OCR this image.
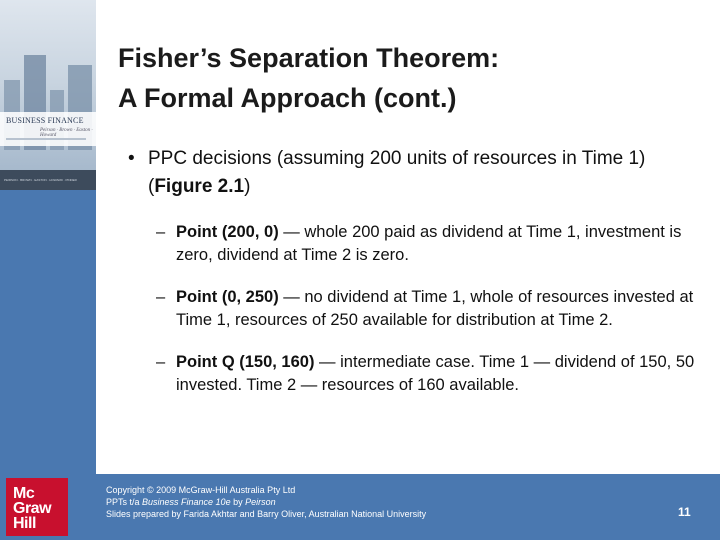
BUSINESS FINANCE
Peirson · Brown · Easton · Howard
PEIRSON · BROWN · EASTON · HOWARD · PINDER
Mc
Graw
Hill
Fisher’s Separation Theorem:
A Formal Approach (cont.)
• PPC decisions (assuming 200 units of resources in Time 1) (Figure 2.1)
– Point (200, 0) — whole 200 paid as dividend at Time 1, investment is zero, dividend at Time 2 is zero.
– Point (0, 250) — no dividend at Time 1, whole of resources invested at Time 1, resources of 250 available for distribution at Time 2.
– Point Q (150, 160) — intermediate case. Time 1 — dividend of 150, 50 invested. Time 2 — resources of 160 available.
Copyright © 2009 McGraw-Hill Australia Pty Ltd
PPTs t/a Business Finance 10e by Peirson
Slides prepared by Farida Akhtar and Barry Oliver, Australian National University	11
